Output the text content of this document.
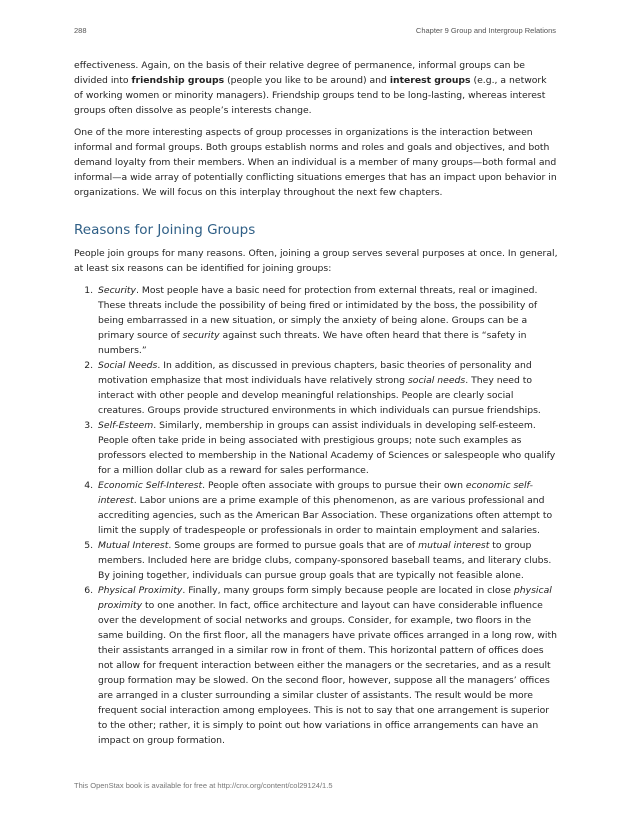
288	Chapter 9 Group and Intergroup Relations

effectiveness. Again, on the basis of their relative degree of permanence, informal groups can be divided into friendship groups (people you like to be around) and interest groups (e.g., a network of working women or minority managers). Friendship groups tend to be long-lasting, whereas interest groups often dissolve as people’s interests change.

One of the more interesting aspects of group processes in organizations is the interaction between informal and formal groups. Both groups establish norms and roles and goals and objectives, and both demand loyalty from their members. When an individual is a member of many groups—both formal and informal—a wide array of potentially conflicting situations emerges that has an impact upon behavior in organizations. We will focus on this interplay throughout the next few chapters.

Reasons for Joining Groups

People join groups for many reasons. Often, joining a group serves several purposes at once. In general, at least six reasons can be identified for joining groups:

1. Security. Most people have a basic need for protection from external threats, real or imagined. These threats include the possibility of being fired or intimidated by the boss, the possibility of being embarrassed in a new situation, or simply the anxiety of being alone. Groups can be a primary source of security against such threats. We have often heard that there is “safety in numbers.”
2. Social Needs. In addition, as discussed in previous chapters, basic theories of personality and motivation emphasize that most individuals have relatively strong social needs. They need to interact with other people and develop meaningful relationships. People are clearly social creatures. Groups provide structured environments in which individuals can pursue friendships.
3. Self-Esteem. Similarly, membership in groups can assist individuals in developing self-esteem. People often take pride in being associated with prestigious groups; note such examples as professors elected to membership in the National Academy of Sciences or salespeople who qualify for a million dollar club as a reward for sales performance.
4. Economic Self-Interest. People often associate with groups to pursue their own economic self-interest. Labor unions are a prime example of this phenomenon, as are various professional and accrediting agencies, such as the American Bar Association. These organizations often attempt to limit the supply of tradespeople or professionals in order to maintain employment and salaries.
5. Mutual Interest. Some groups are formed to pursue goals that are of mutual interest to group members. Included here are bridge clubs, company-sponsored baseball teams, and literary clubs. By joining together, individuals can pursue group goals that are typically not feasible alone.
6. Physical Proximity. Finally, many groups form simply because people are located in close physical proximity to one another. In fact, office architecture and layout can have considerable influence over the development of social networks and groups. Consider, for example, two floors in the same building. On the first floor, all the managers have private offices arranged in a long row, with their assistants arranged in a similar row in front of them. This horizontal pattern of offices does not allow for frequent interaction between either the managers or the secretaries, and as a result group formation may be slowed. On the second floor, however, suppose all the managers’ offices are arranged in a cluster surrounding a similar cluster of assistants. The result would be more frequent social interaction among employees. This is not to say that one arrangement is superior to the other; rather, it is simply to point out how variations in office arrangements can have an impact on group formation.
This OpenStax book is available for free at http://cnx.org/content/col29124/1.5
